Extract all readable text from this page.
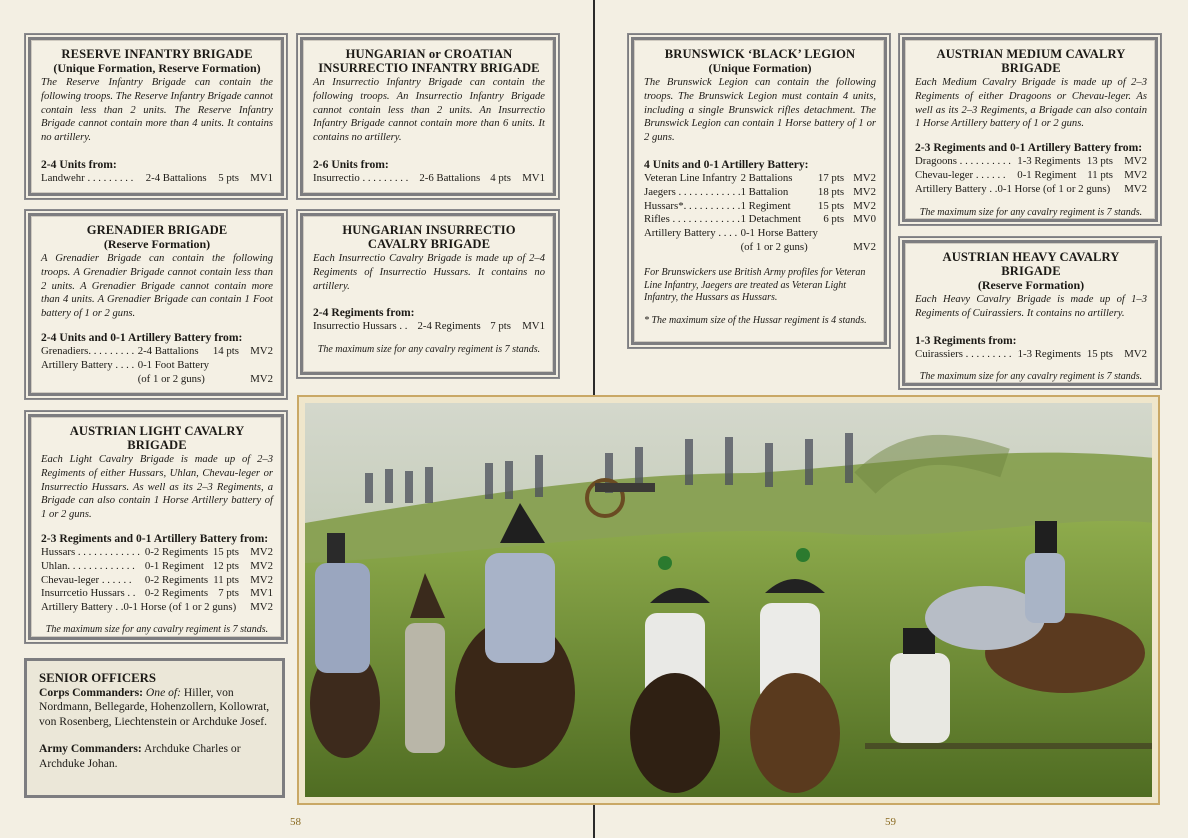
RESERVE INFANTRY BRIGADE
(Unique Formation, Reserve Formation)
The Reserve Infantry Brigade can contain the following troops. The Reserve Infantry Brigade cannot contain less than 2 units. The Reserve Infantry Brigade cannot contain more than 4 units. It contains no artillery.
2-4 Units from:
Landwehr . . . . . . . . .	2-4 Battalions	5 pts	MV1
HUNGARIAN or CROATIAN
INSURRECTIO INFANTRY BRIGADE
An Insurrectio Infantry Brigade can contain the following troops. An Insurrectio Infantry Brigade cannot contain less than 2 units. An Insurrectio Infantry Brigade cannot contain more than 6 units. It contains no artillery.
2-6 Units from:
Insurrectio . . . . . . . . .	2-6 Battalions	4 pts	MV1
GRENADIER BRIGADE
(Reserve Formation)
A Grenadier Brigade can contain the following troops. A Grenadier Brigade cannot contain less than 2 units. A Grenadier Brigade cannot contain more than 4 units. A Grenadier Brigade can contain 1 Foot battery of 1 or 2 guns.
2-4 Units and 0-1 Artillery Battery from:
Grenadiers. . . . . . . . .	2-4 Battalions	14 pts	MV2
Artillery Battery . . . .	0-1 Foot Battery		
	(of 1 or 2 guns)		MV2
HUNGARIAN INSURRECTIO
CAVALRY BRIGADE
Each Insurrectio Cavalry Brigade is made up of 2–4 Regiments of Insurrectio Hussars. It contains no artillery.
2-4 Regiments from:
Insurrectio Hussars . .	2-4 Regiments	7 pts	MV1
The maximum size for any cavalry regiment is 7 stands.
AUSTRIAN LIGHT CAVALRY BRIGADE
Each Light Cavalry Brigade is made up of 2–3 Regiments of either Hussars, Uhlan, Chevau-leger or Insurrectio Hussars. As well as its 2–3 Regiments, a Brigade can also contain 1 Horse Artillery battery of 1 or 2 guns.
2-3 Regiments and 0-1 Artillery Battery from:
Hussars . . . . . . . . . . . .	0-2 Regiments	15 pts	MV2
Uhlan. . . . . . . . . . . . .	0-1 Regiment	12 pts	MV2
Chevau-leger . . . . . .	0-2 Regiments	11 pts	MV2
Insurrcetio Hussars . .	0-2 Regiments	7 pts	MV1
Artillery Battery . .0-1 Horse (of 1 or 2 guns)			MV2
The maximum size for any cavalry regiment is 7 stands.
SENIOR OFFICERS

Corps Commanders: One of: Hiller, von Nordmann, Bellegarde, Hohenzollern, Kollowrat, von Rosenberg, Liechtenstein or Archduke Josef.

Army Commanders: Archduke Charles or Archduke Johan.

BRUNSWICK ‘BLACK’ LEGION
(Unique Formation)
The Brunswick Legion can contain the following troops. The Brunswick Legion must contain 4 units, including a single Brunswick rifles detachment. The Brunswick Legion can contain 1 Horse battery of 1 or 2 guns.
4 Units and 0-1 Artillery Battery:
Veteran Line Infantry	2 Battalions	17 pts	MV2
Jaegers . . . . . . . . . . . .	1 Battalion	18 pts	MV2
Hussars*. . . . . . . . . . .	1 Regiment	15 pts	MV2
Rifles . . . . . . . . . . . . .	1 Detachment	6 pts	MV0
Artillery Battery . . . .	0-1 Horse Battery		
	(of 1 or 2 guns)		MV2
For Brunswickers use British Army profiles for Veteran Line Infantry, Jaegers are treated as Veteran Light Infantry, the Hussars as Hussars.
* The maximum size of the Hussar regiment is 4 stands.
AUSTRIAN MEDIUM CAVALRY BRIGADE
Each Medium Cavalry Brigade is made up of 2–3 Regiments of either Dragoons or Chevau-leger. As well as its 2–3 Regiments, a Brigade can also contain 1 Horse Artillery battery of 1 or 2 guns.
2-3 Regiments and 0-1 Artillery Battery from:
Dragoons . . . . . . . . . .	1-3 Regiments	13 pts	MV2
Chevau-leger . . . . . .	0-1 Regiment	11 pts	MV2
Artillery Battery . .0-1 Horse (of 1 or 2 guns)			MV2
The maximum size for any cavalry regiment is 7 stands.
AUSTRIAN HEAVY CAVALRY BRIGADE
(Reserve Formation)
Each Heavy Cavalry Brigade is made up of 1–3 Regiments of Cuirassiers. It contains no artillery.
1-3 Regiments from:
Cuirassiers . . . . . . . . .	1-3 Regiments	15 pts	MV2
The maximum size for any cavalry regiment is 7 stands.
58	59
